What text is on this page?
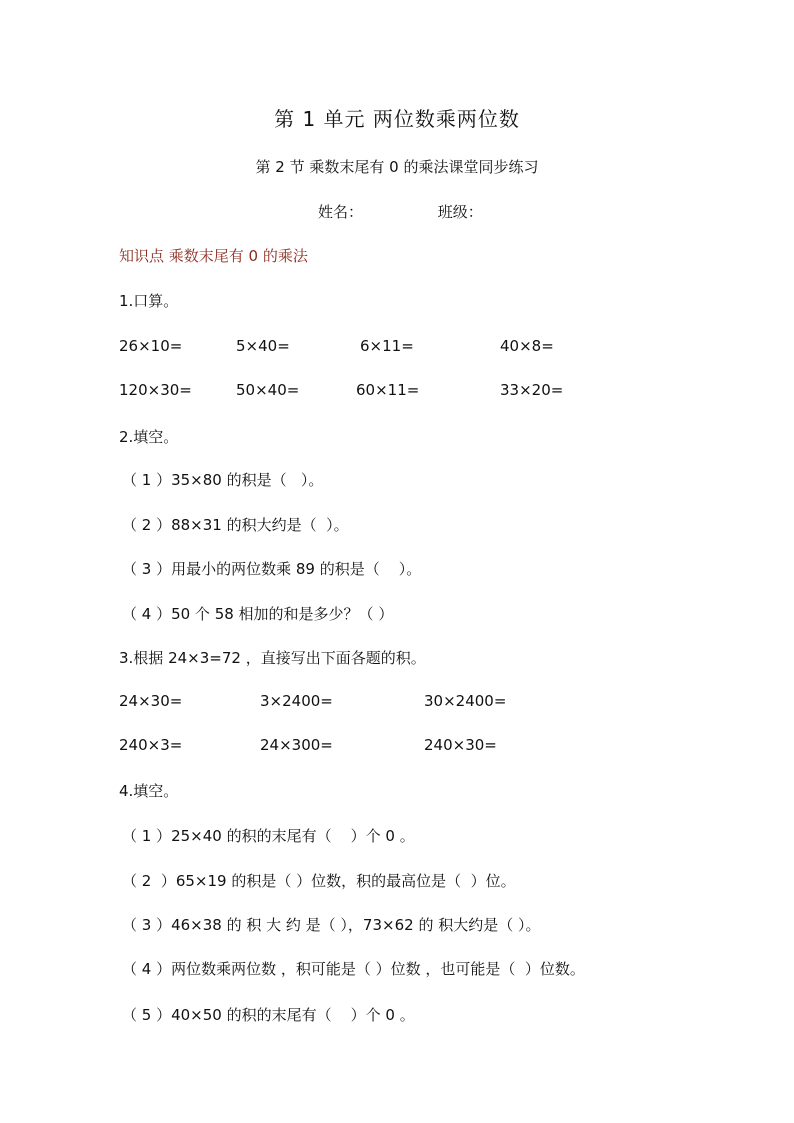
第 1 单元 两位数乘两位数
第 2 节 乘数末尾有 0 的乘法课堂同步练习
姓名：	班级：
知识点 乘数末尾有 0 的乘法
1.口算。
26×10=	5×40=	6×11=	40×8=
120×30=	50×40=	60×11=	33×20=
2.填空。
（ 1 ）35×80 的积是（   ）。
（ 2 ）88×31 的积大约是（  ）。
（ 3 ）用最小的两位数乘 89 的积是（    ）。
（ 4 ）50 个 58 相加的和是多少？（ ）
3.根据 24×3=72 ，直接写出下面各题的积。
24×30=	3×2400=	30×2400=
240×3=	24×300=	240×30=
4.填空。
（ 1 ）25×40 的积的末尾有（    ）个 0 。
（ 2  ）65×19 的积是（ ）位数，积的最高位是（  ）位。
（ 3 ）46×38 的 积 大 约 是（ ），73×62 的 积大约是（ ）。
（ 4 ）两位数乘两位数 ，积可能是（ ）位数 ，也可能是（  ）位数。
（ 5 ）40×50 的积的末尾有（    ）个 0 。
